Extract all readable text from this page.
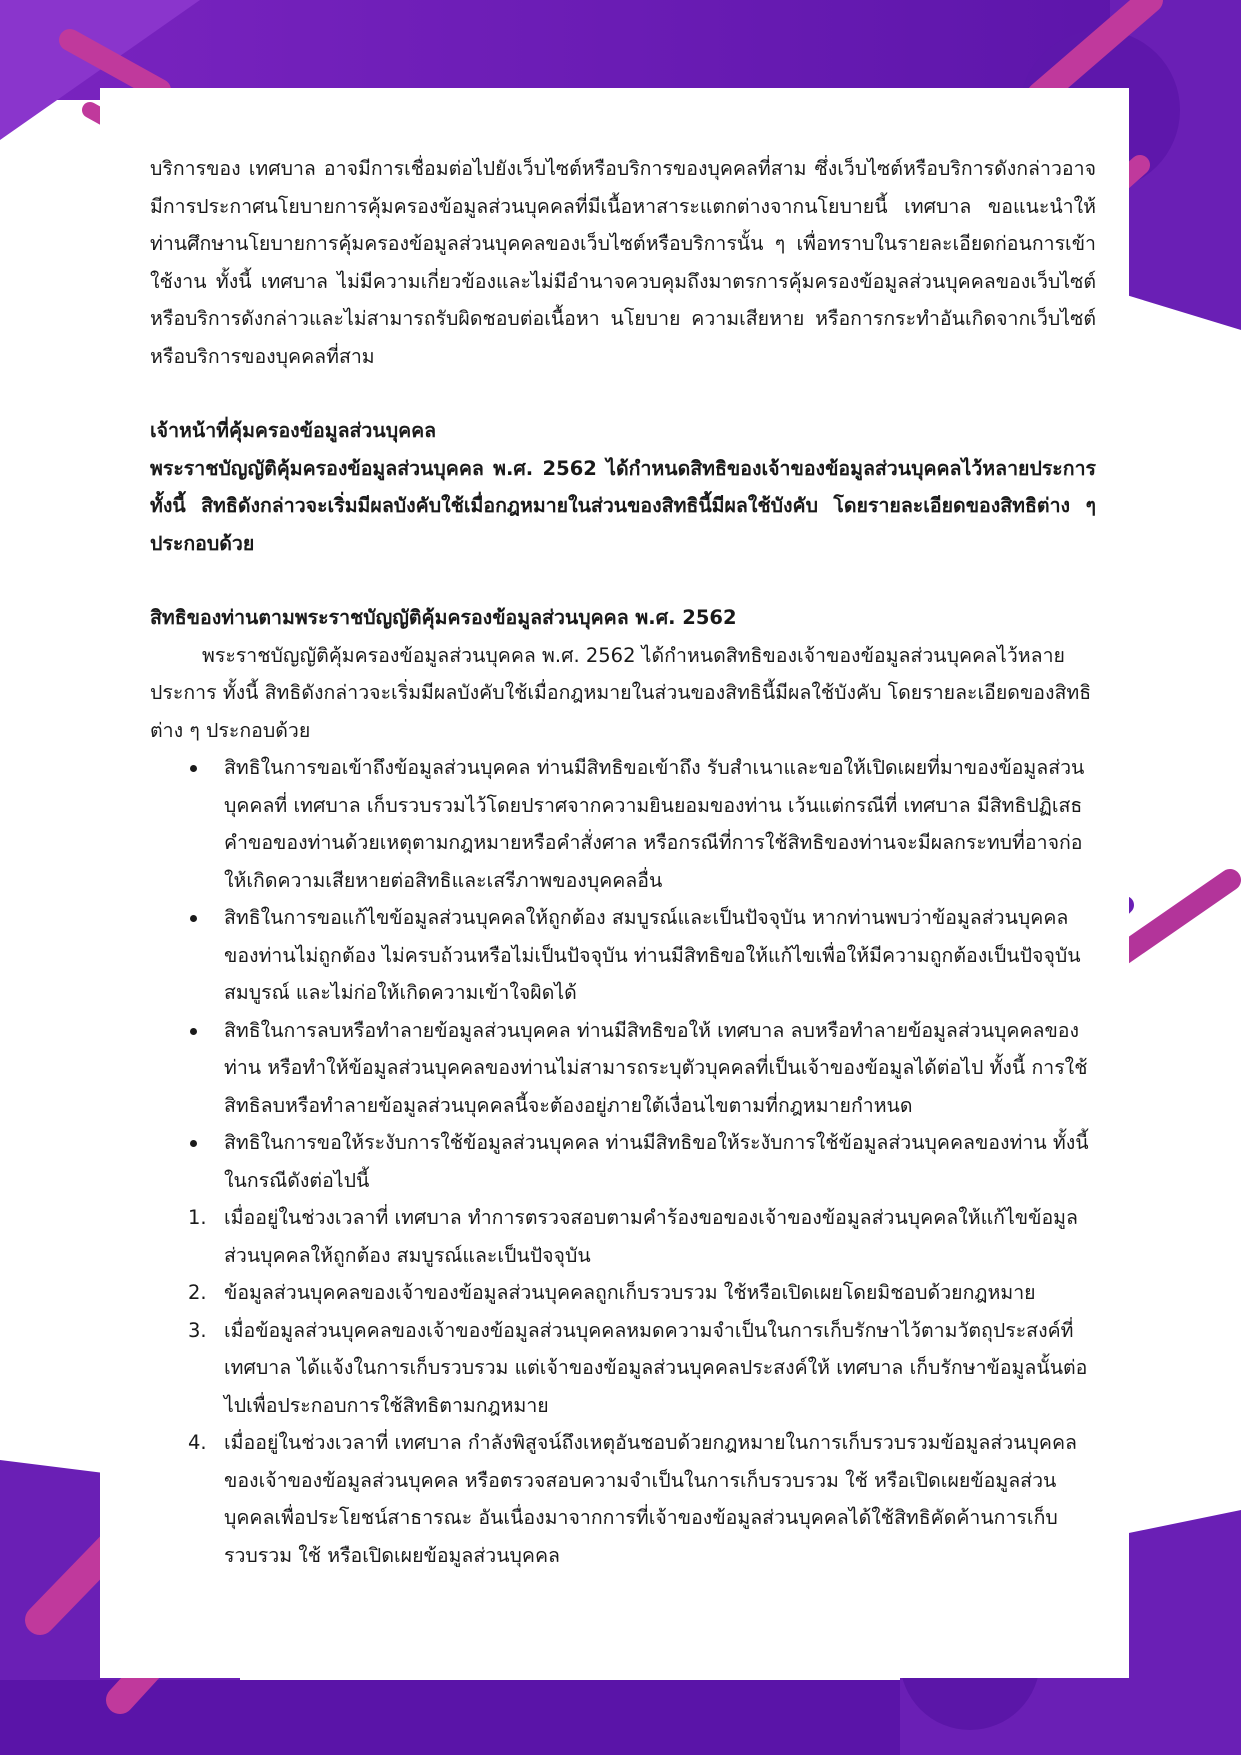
บริการของ เทศบาล อาจมีการเชื่อมต่อไปยังเว็บไซต์หรือบริการของบุคคลที่สาม ซึ่งเว็บไซต์หรือบริการดังกล่าวอาจมีการประกาศนโยบายการคุ้มครองข้อมูลส่วนบุคคลที่มีเนื้อหาสาระแตกต่างจากนโยบายนี้ เทศบาล ขอแนะนำให้ท่านศึกษานโยบายการคุ้มครองข้อมูลส่วนบุคคลของเว็บไซต์หรือบริการนั้น ๆ เพื่อทราบในรายละเอียดก่อนการเข้าใช้งาน ทั้งนี้ เทศบาล ไม่มีความเกี่ยวข้องและไม่มีอำนาจควบคุมถึงมาตรการคุ้มครองข้อมูลส่วนบุคคลของเว็บไซต์หรือบริการดังกล่าวและไม่สามารถรับผิดชอบต่อเนื้อหา นโยบาย ความเสียหาย หรือการกระทำอันเกิดจากเว็บไซต์หรือบริการของบุคคลที่สาม

เจ้าหน้าที่คุ้มครองข้อมูลส่วนบุคคล

พระราชบัญญัติคุ้มครองข้อมูลส่วนบุคคล พ.ศ. 2562 ได้กำหนดสิทธิของเจ้าของข้อมูลส่วนบุคคลไว้หลายประการ ทั้งนี้ สิทธิดังกล่าวจะเริ่มมีผลบังคับใช้เมื่อกฎหมายในส่วนของสิทธินี้มีผลใช้บังคับ โดยรายละเอียดของสิทธิต่าง ๆ ประกอบด้วย

สิทธิของท่านตามพระราชบัญญัติคุ้มครองข้อมูลส่วนบุคคล พ.ศ. 2562

พระราชบัญญัติคุ้มครองข้อมูลส่วนบุคคล พ.ศ. 2562 ได้กำหนดสิทธิของเจ้าของข้อมูลส่วนบุคคลไว้หลายประการ ทั้งนี้ สิทธิดังกล่าวจะเริ่มมีผลบังคับใช้เมื่อกฎหมายในส่วนของสิทธินี้มีผลใช้บังคับ โดยรายละเอียดของสิทธิต่าง ๆ ประกอบด้วย

สิทธิในการขอเข้าถึงข้อมูลส่วนบุคคล ท่านมีสิทธิขอเข้าถึง รับสำเนาและขอให้เปิดเผยที่มาของข้อมูลส่วนบุคคลที่ เทศบาล เก็บรวบรวมไว้โดยปราศจากความยินยอมของท่าน เว้นแต่กรณีที่ เทศบาล มีสิทธิปฏิเสธคำขอของท่านด้วยเหตุตามกฎหมายหรือคำสั่งศาล หรือกรณีที่การใช้สิทธิของท่านจะมีผลกระทบที่อาจก่อให้เกิดความเสียหายต่อสิทธิและเสรีภาพของบุคคลอื่น
สิทธิในการขอแก้ไขข้อมูลส่วนบุคคลให้ถูกต้อง สมบูรณ์และเป็นปัจจุบัน หากท่านพบว่าข้อมูลส่วนบุคคลของท่านไม่ถูกต้อง ไม่ครบถ้วนหรือไม่เป็นปัจจุบัน ท่านมีสิทธิขอให้แก้ไขเพื่อให้มีความถูกต้องเป็นปัจจุบัน สมบูรณ์ และไม่ก่อให้เกิดความเข้าใจผิดได้
สิทธิในการลบหรือทำลายข้อมูลส่วนบุคคล ท่านมีสิทธิขอให้ เทศบาล ลบหรือทำลายข้อมูลส่วนบุคคลของท่าน หรือทำให้ข้อมูลส่วนบุคคลของท่านไม่สามารถระบุตัวบุคคลที่เป็นเจ้าของข้อมูลได้ต่อไป ทั้งนี้ การใช้สิทธิลบหรือทำลายข้อมูลส่วนบุคคลนี้จะต้องอยู่ภายใต้เงื่อนไขตามที่กฎหมายกำหนด
สิทธิในการขอให้ระงับการใช้ข้อมูลส่วนบุคคล ท่านมีสิทธิขอให้ระงับการใช้ข้อมูลส่วนบุคคลของท่าน ทั้งนี้ ในกรณีดังต่อไปนี้
1. เมื่ออยู่ในช่วงเวลาที่ เทศบาล ทำการตรวจสอบตามคำร้องขอของเจ้าของข้อมูลส่วนบุคคลให้แก้ไขข้อมูลส่วนบุคคลให้ถูกต้อง สมบูรณ์และเป็นปัจจุบัน
2. ข้อมูลส่วนบุคคลของเจ้าของข้อมูลส่วนบุคคลถูกเก็บรวบรวม ใช้หรือเปิดเผยโดยมิชอบด้วยกฎหมาย
3. เมื่อข้อมูลส่วนบุคคลของเจ้าของข้อมูลส่วนบุคคลหมดความจำเป็นในการเก็บรักษาไว้ตามวัตถุประสงค์ที่ เทศบาล ได้แจ้งในการเก็บรวบรวม แต่เจ้าของข้อมูลส่วนบุคคลประสงค์ให้ เทศบาล เก็บรักษาข้อมูลนั้นต่อไปเพื่อประกอบการใช้สิทธิตามกฎหมาย
4. เมื่ออยู่ในช่วงเวลาที่ เทศบาล กำลังพิสูจน์ถึงเหตุอันชอบด้วยกฎหมายในการเก็บรวบรวมข้อมูลส่วนบุคคลของเจ้าของข้อมูลส่วนบุคคล หรือตรวจสอบความจำเป็นในการเก็บรวบรวม ใช้ หรือเปิดเผยข้อมูลส่วนบุคคลเพื่อประโยชน์สาธารณะ อันเนื่องมาจากการที่เจ้าของข้อมูลส่วนบุคคลได้ใช้สิทธิคัดค้านการเก็บรวบรวม ใช้ หรือเปิดเผยข้อมูลส่วนบุคคล
